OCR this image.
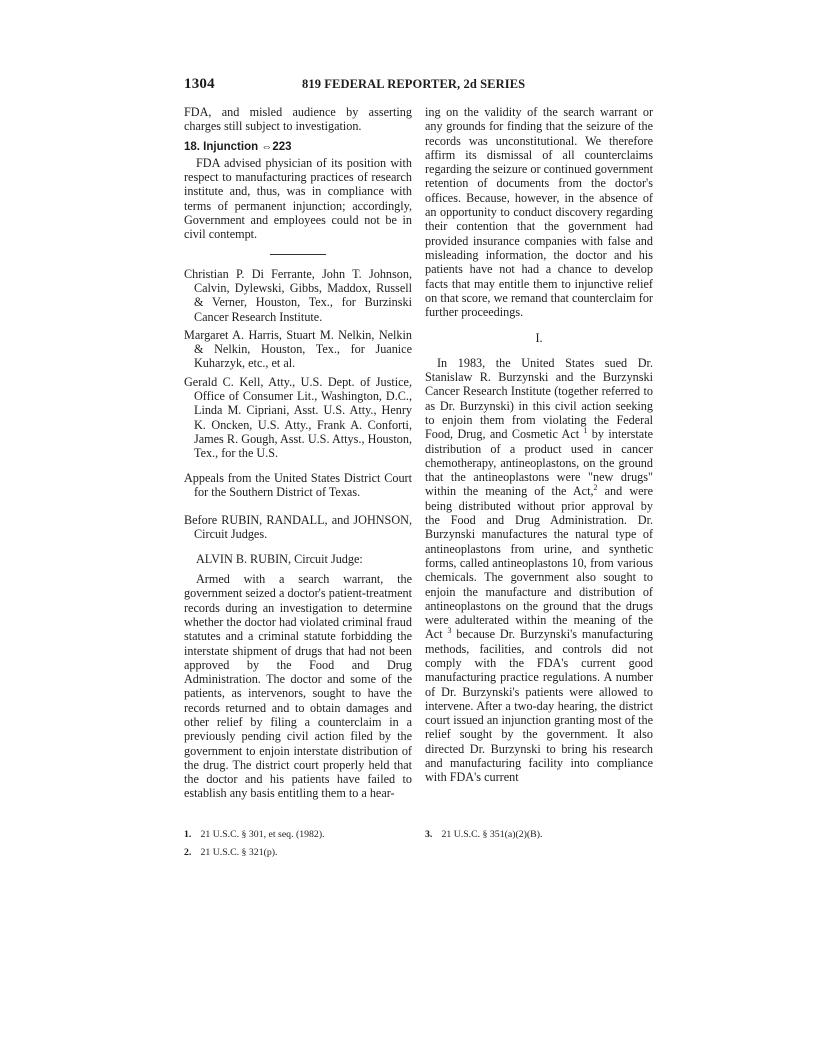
1304	819 FEDERAL REPORTER, 2d SERIES

FDA, and misled audience by asserting charges still subject to investigation.

18. Injunction ⇔223

FDA advised physician of its position with respect to manufacturing practices of research institute and, thus, was in compliance with terms of permanent injunction; accordingly, Government and employees could not be in civil contempt.

Christian P. Di Ferrante, John T. Johnson, Calvin, Dylewski, Gibbs, Maddox, Russell & Verner, Houston, Tex., for Burzinski Cancer Research Institute.

Margaret A. Harris, Stuart M. Nelkin, Nelkin & Nelkin, Houston, Tex., for Juanice Kuharzyk, etc., et al.

Gerald C. Kell, Atty., U.S. Dept. of Justice, Office of Consumer Lit., Washington, D.C., Linda M. Cipriani, Asst. U.S. Atty., Henry K. Oncken, U.S. Atty., Frank A. Conforti, James R. Gough, Asst. U.S. Attys., Houston, Tex., for the U.S.

Appeals from the United States District Court for the Southern District of Texas.

Before RUBIN, RANDALL, and JOHNSON, Circuit Judges.

ALVIN B. RUBIN, Circuit Judge:

Armed with a search warrant, the government seized a doctor's patient-treatment records during an investigation to determine whether the doctor had violated criminal fraud statutes and a criminal statute forbidding the interstate shipment of drugs that had not been approved by the Food and Drug Administration. The doctor and some of the patients, as intervenors, sought to have the records returned and to obtain damages and other relief by filing a counterclaim in a previously pending civil action filed by the government to enjoin interstate distribution of the drug. The district court properly held that the doctor and his patients have failed to establish any basis entitling them to a hear-

ing on the validity of the search warrant or any grounds for finding that the seizure of the records was unconstitutional. We therefore affirm its dismissal of all counterclaims regarding the seizure or continued government retention of documents from the doctor's offices. Because, however, in the absence of an opportunity to conduct discovery regarding their contention that the government had provided insurance companies with false and misleading information, the doctor and his patients have not had a chance to develop facts that may entitle them to injunctive relief on that score, we remand that counterclaim for further proceedings.

I.

In 1983, the United States sued Dr. Stanislaw R. Burzynski and the Burzynski Cancer Research Institute (together referred to as Dr. Burzynski) in this civil action seeking to enjoin them from violating the Federal Food, Drug, and Cosmetic Act $^1$ by interstate distribution of a product used in cancer chemotherapy, antineoplastons, on the ground that the antineoplastons were "new drugs" within the meaning of the Act,$^2$ and were being distributed without prior approval by the Food and Drug Administration. Dr. Burzynski manufactures the natural type of antineoplastons from urine, and synthetic forms, called antineoplastons 10, from various chemicals. The government also sought to enjoin the manufacture and distribution of antineoplastons on the ground that the drugs were adulterated within the meaning of the Act $^3$ because Dr. Burzynski's manufacturing methods, facilities, and controls did not comply with the FDA's current good manufacturing practice regulations. A number of Dr. Burzynski's patients were allowed to intervene. After a two-day hearing, the district court issued an injunction granting most of the relief sought by the government. It also directed Dr. Burzynski to bring his research and manufacturing facility into compliance with FDA's current

1. 21 U.S.C. § 301, et seq. (1982).
2. 21 U.S.C. § 321(p).
3. 21 U.S.C. § 351(a)(2)(B).
